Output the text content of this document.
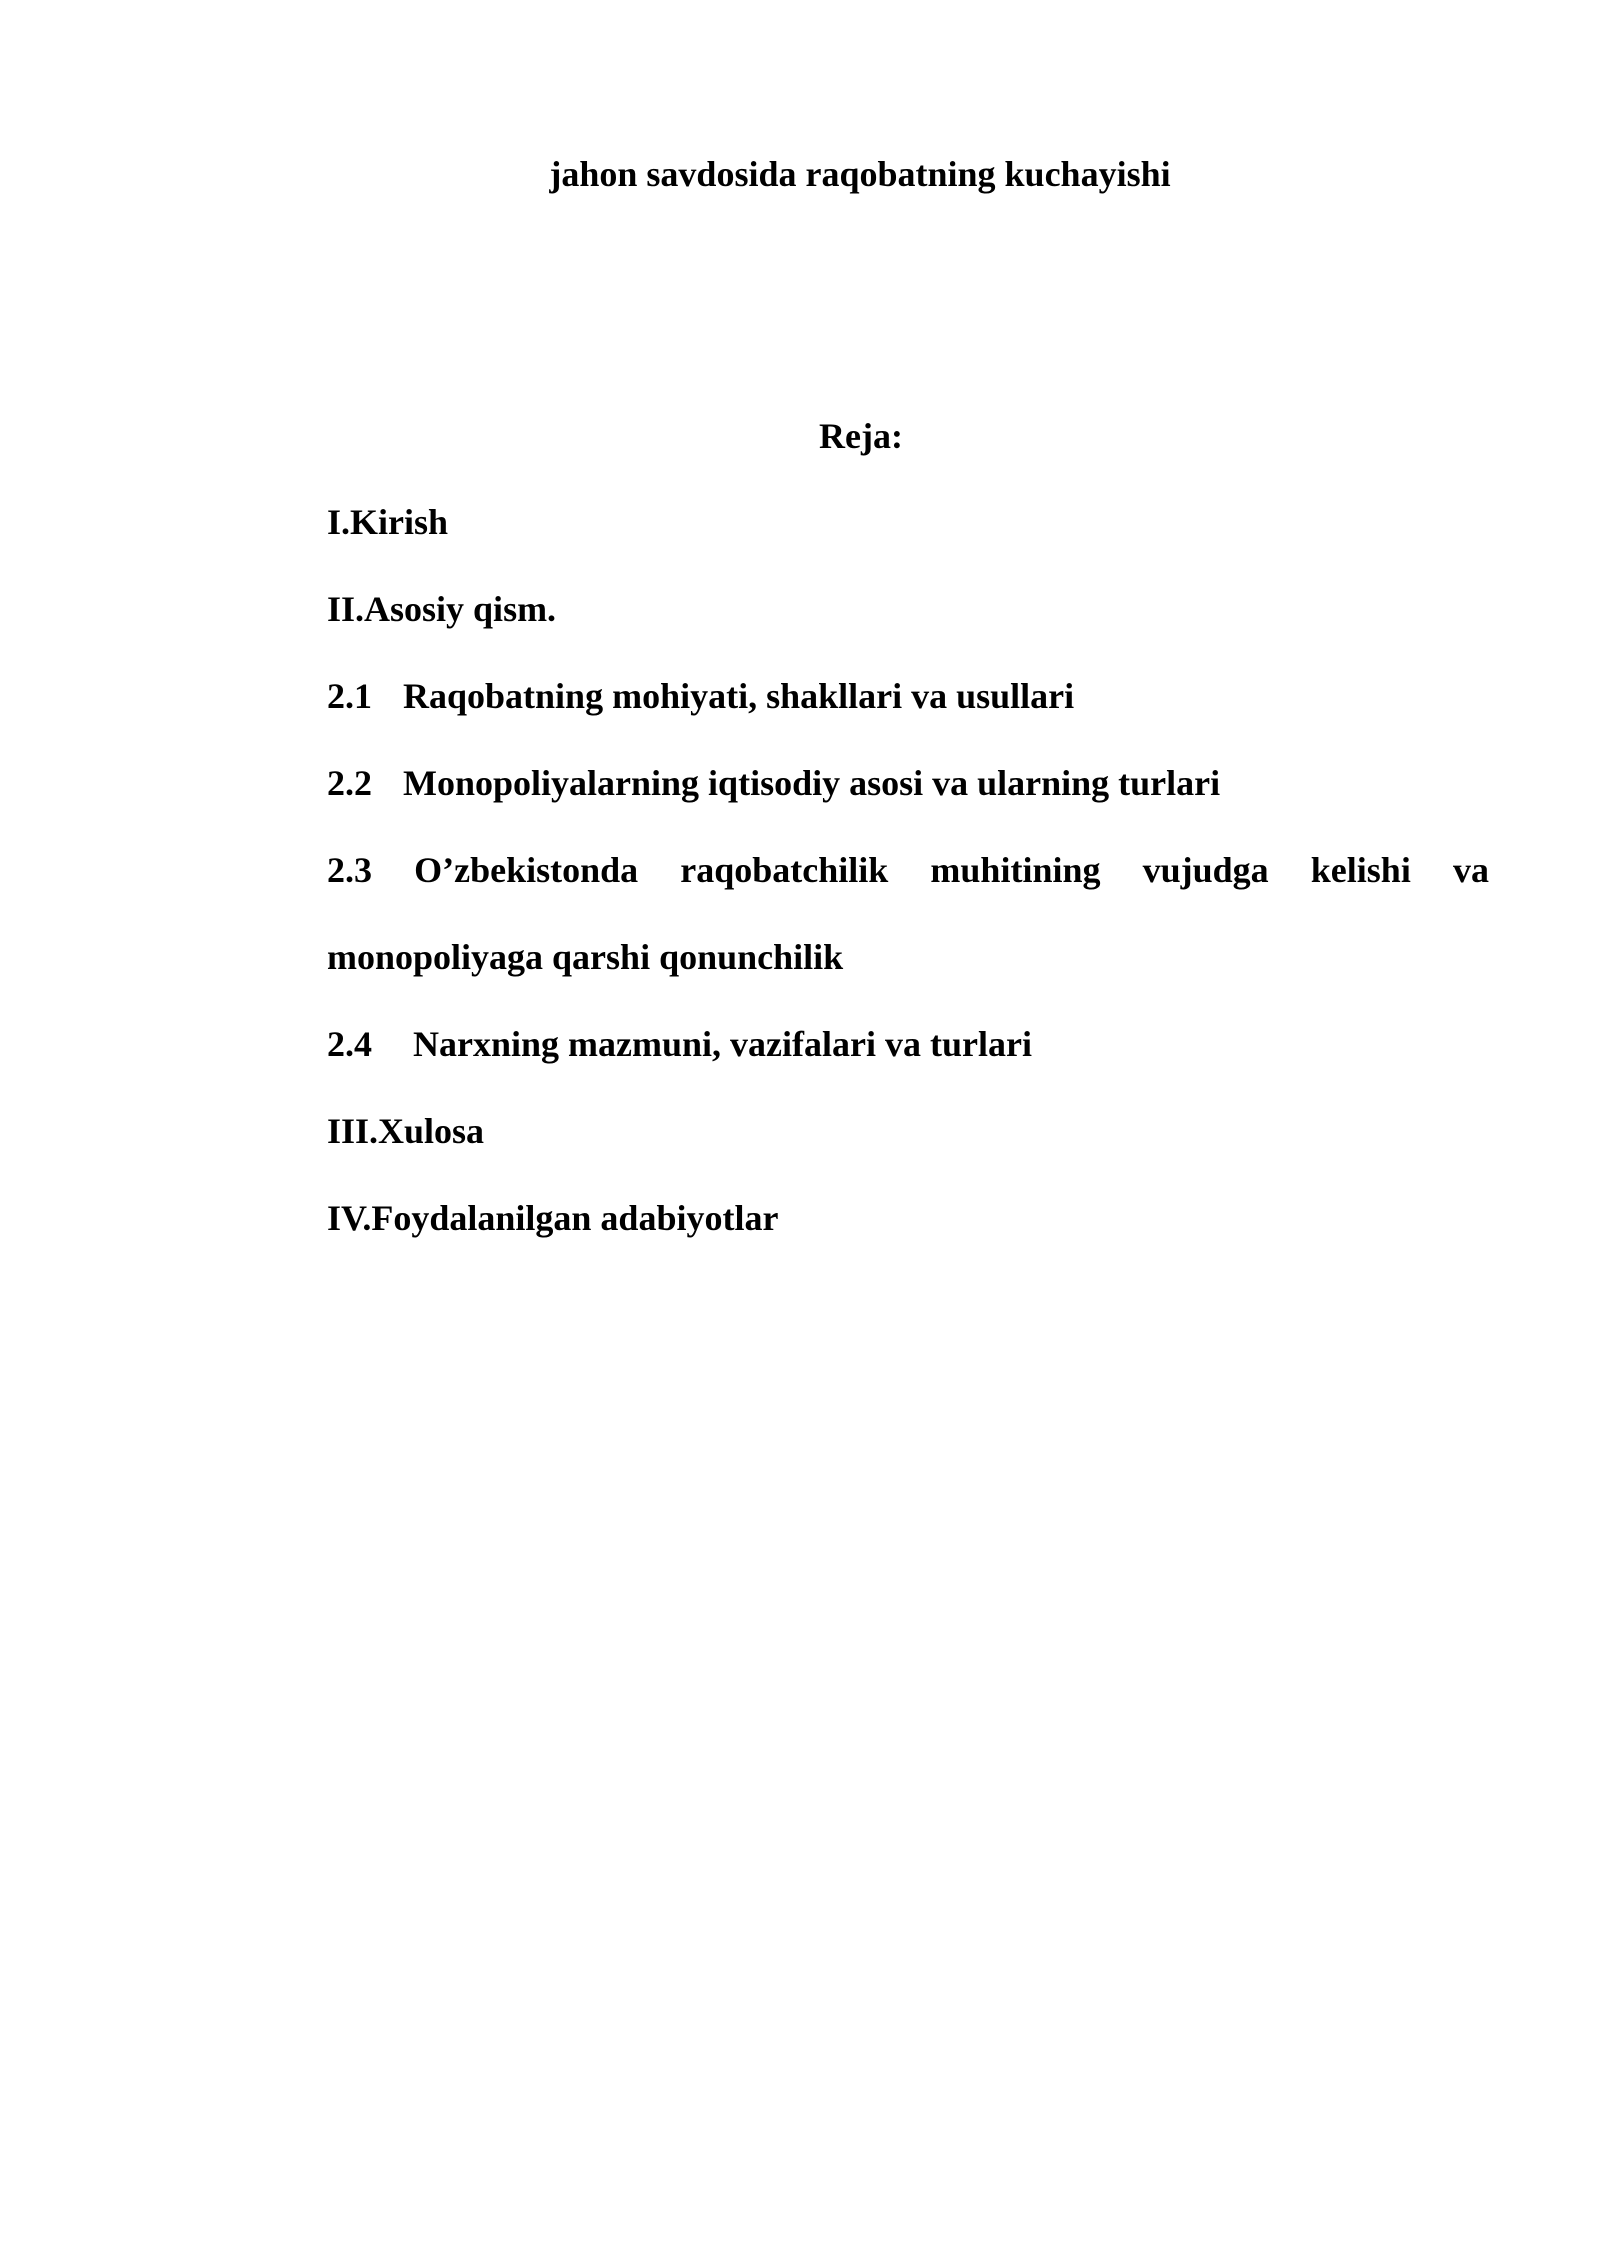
jahon savdosida raqobatning kuchayishi
Reja:
I.Kirish
II.Asosiy qism.
2.1 Raqobatning mohiyati, shakllari va usullari
2.2 Monopoliyalarning iqtisodiy asosi va ularning turlari
2.3 O’zbekistonda raqobatchilik muhitining vujudga kelishi va
monopoliyaga qarshi qonunchilik
2.4 Narxning mazmuni, vazifalari va turlari
III.Xulosa
IV.Foydalanilgan adabiyotlar
